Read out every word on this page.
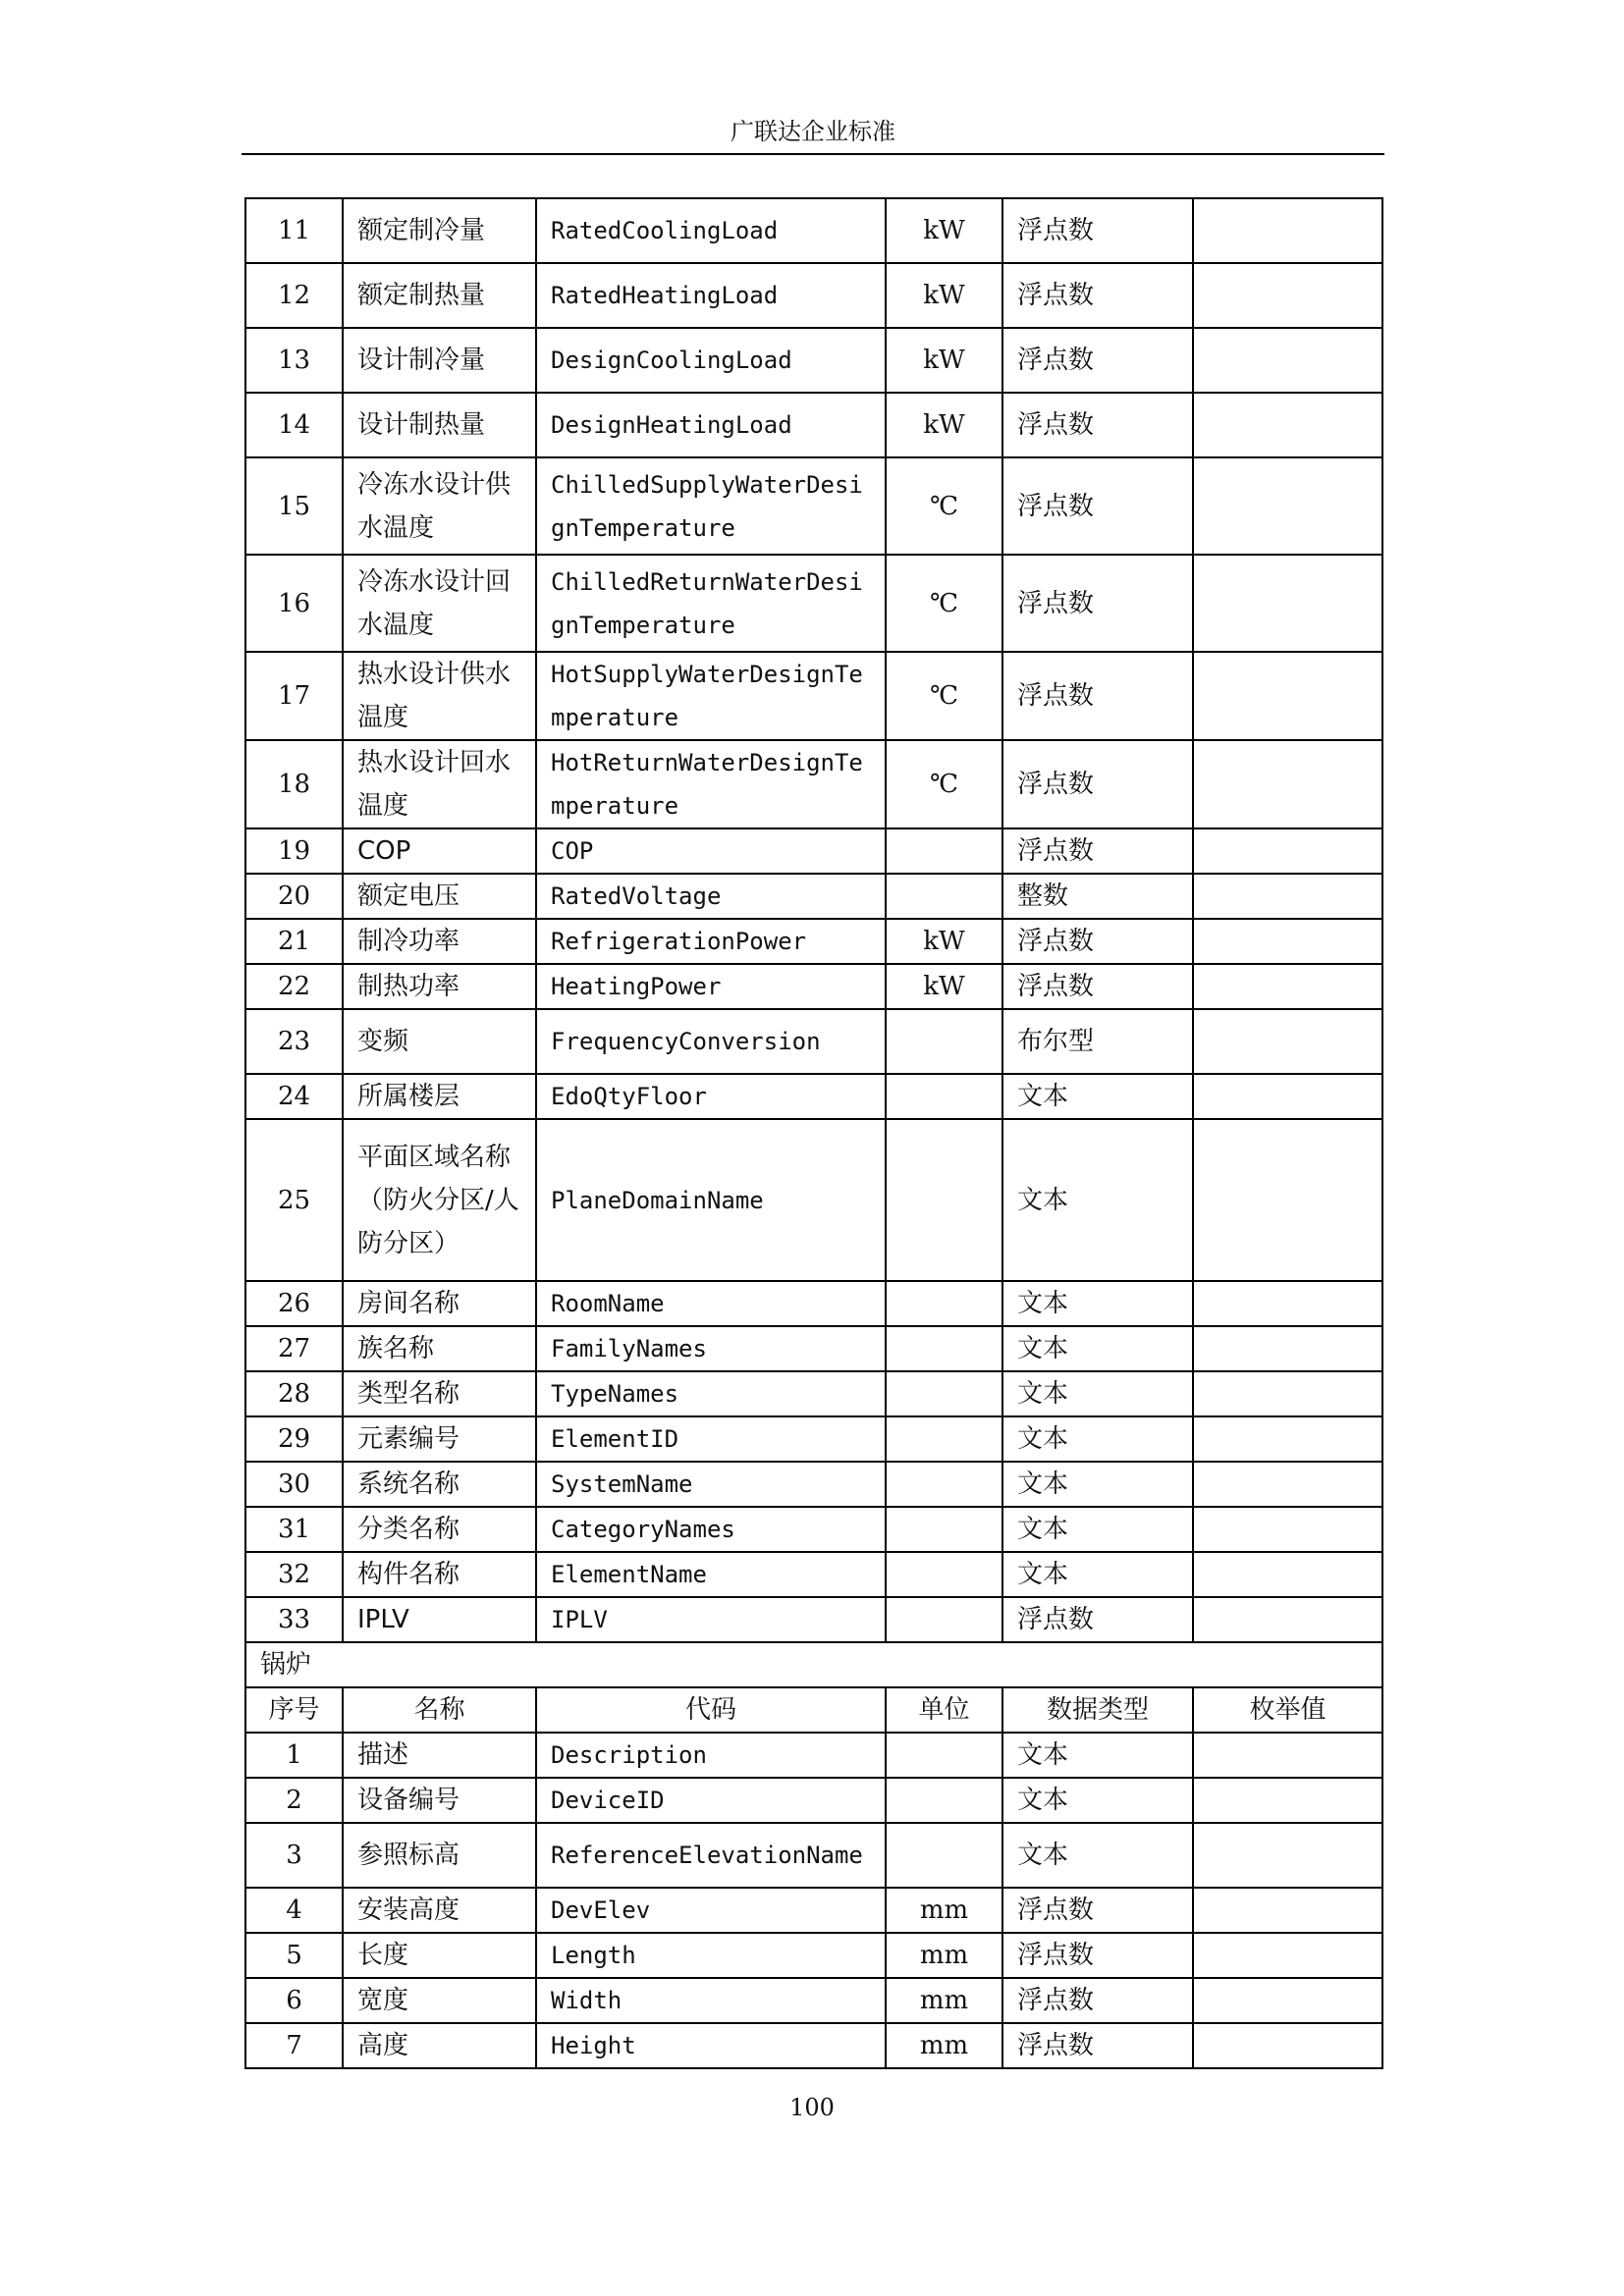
广联达企业标准
11	额定制冷量	RatedCoolingLoad	kW	浮点数	
12	额定制热量	RatedHeatingLoad	kW	浮点数	
13	设计制冷量	DesignCoolingLoad	kW	浮点数	
14	设计制热量	DesignHeatingLoad	kW	浮点数	
15	冷冻水设计供水温度	ChilledSupplyWaterDesignTemperature	℃	浮点数	
16	冷冻水设计回水温度	ChilledReturnWaterDesignTemperature	℃	浮点数	
17	热水设计供水温度	HotSupplyWaterDesignTemperature	℃	浮点数	
18	热水设计回水温度	HotReturnWaterDesignTemperature	℃	浮点数	
19	COP	COP		浮点数	
20	额定电压	RatedVoltage		整数	
21	制冷功率	RefrigerationPower	kW	浮点数	
22	制热功率	HeatingPower	kW	浮点数	
23	变频	FrequencyConversion		布尔型	
24	所属楼层	EdoQtyFloor		文本	
25	平面区域名称（防火分区/人防分区）	PlaneDomainName		文本	
26	房间名称	RoomName		文本	
27	族名称	FamilyNames		文本	
28	类型名称	TypeNames		文本	
29	元素编号	ElementID		文本	
30	系统名称	SystemName		文本	
31	分类名称	CategoryNames		文本	
32	构件名称	ElementName		文本	
33	IPLV	IPLV		浮点数	
锅炉					
序号	名称	代码	单位	数据类型	枚举值
1	描述	Description		文本	
2	设备编号	DeviceID		文本	
3	参照标高	ReferenceElevationName		文本	
4	安装高度	DevElev	mm	浮点数	
5	长度	Length	mm	浮点数	
6	宽度	Width	mm	浮点数	
7	高度	Height	mm	浮点数	
100
